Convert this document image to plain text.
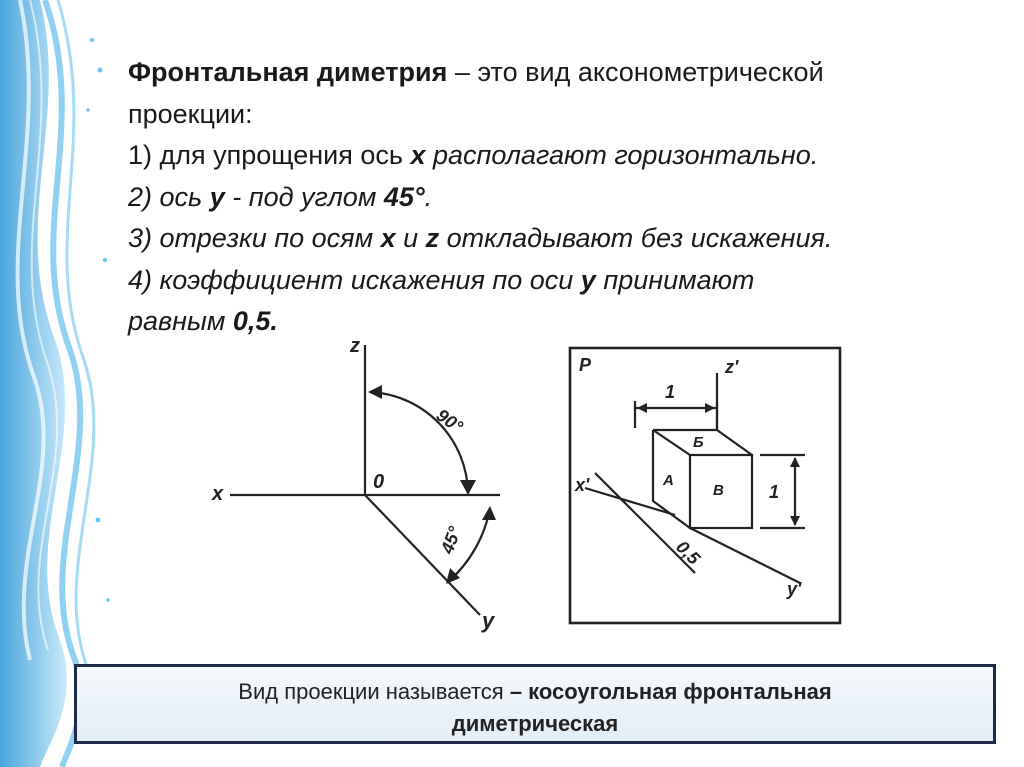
Фронтальная диметрия – это вид аксонометрической
проекции:
1) для упрощения ось х располагают горизонтально.
2) ось у - под углом 45°.
3) отрезки по осям х и z откладывают без искажения.
4) коэффициент искажения по оси у принимают
равным 0,5.
z
x
0
y
90°
45°
P	z'
x'
y'
1
1
0,5
Б
А
В
Вид проекции называется – косоугольная фронтальная
диметрическая
